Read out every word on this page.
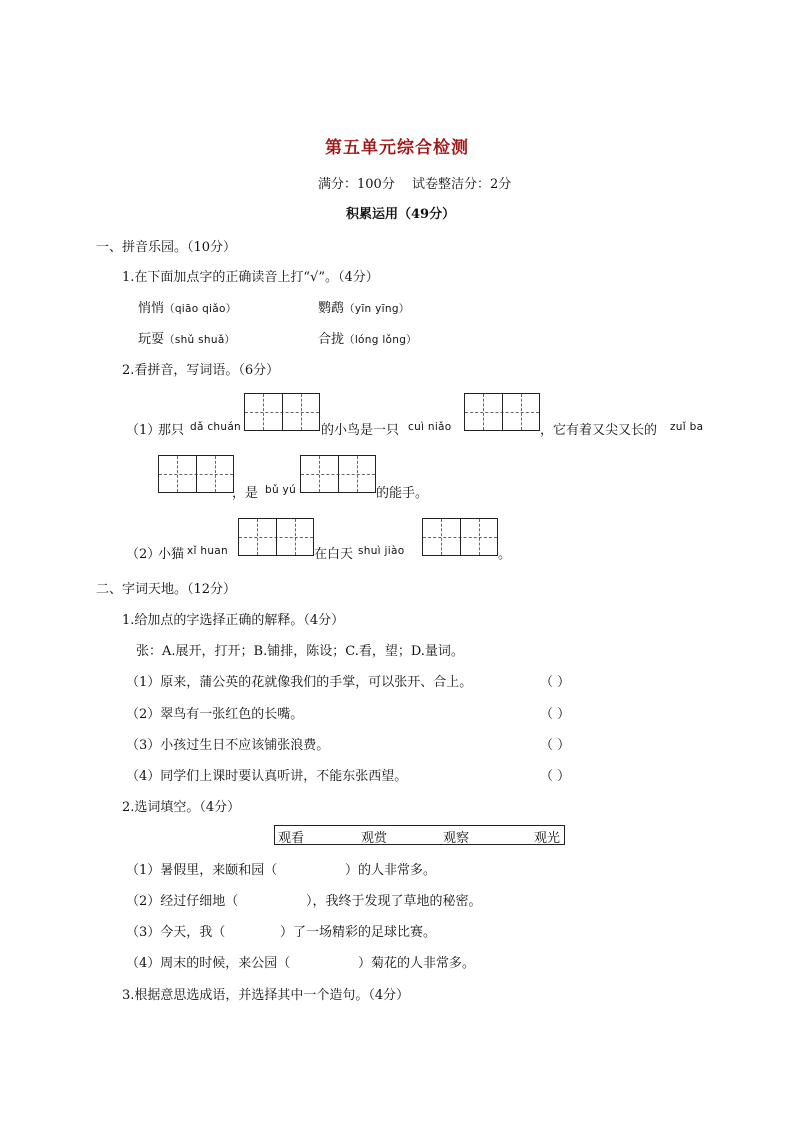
第五单元综合检测
满分：100分 试卷整洁分：2分
积累运用（49分）
一、拼音乐园。（10分）
1.在下面加点字的正确读音上打“√”。（4分）
悄悄（qiāo qiǎo）	鹦鹉（yīn yīng）
玩耍（shǔ shuǎ）	合拢（lóng lǒng）
2.看拼音，写词语。（6分）
（1）
那只 dǎ chuán	的小鸟是一只 cuì niǎo	，它有着又尖又长的 zuǐ ba
，是 bǔ yú	的能手。
（2）
小猫 xǐ huan	在白天 shuì jiào	。
二、字词天地。（12分）
1.给加点的字选择正确的解释。（4分）
张：A.展开，打开；B.铺排，陈设；C.看，望；D.量词。
（1）原来，蒲公英的花就像我们的手掌，可以张开、合上。	（ ）
（2）翠鸟有一张红色的长嘴。	（ ）
（3）小孩过生日不应该铺张浪费。	（ ）
（4）同学们上课时要认真听讲，不能东张西望。	（ ）
2.选词填空。（4分）
观看	观赏	观察	观光
（1）暑假里，来颐和园（	）的人非常多。
（2）经过仔细地（	），我终于发现了草地的秘密。
（3）今天，我（	）了一场精彩的足球比赛。
（4）周末的时候，来公园（	）菊花的人非常多。
3.根据意思选成语，并选择其中一个造句。（4分）
